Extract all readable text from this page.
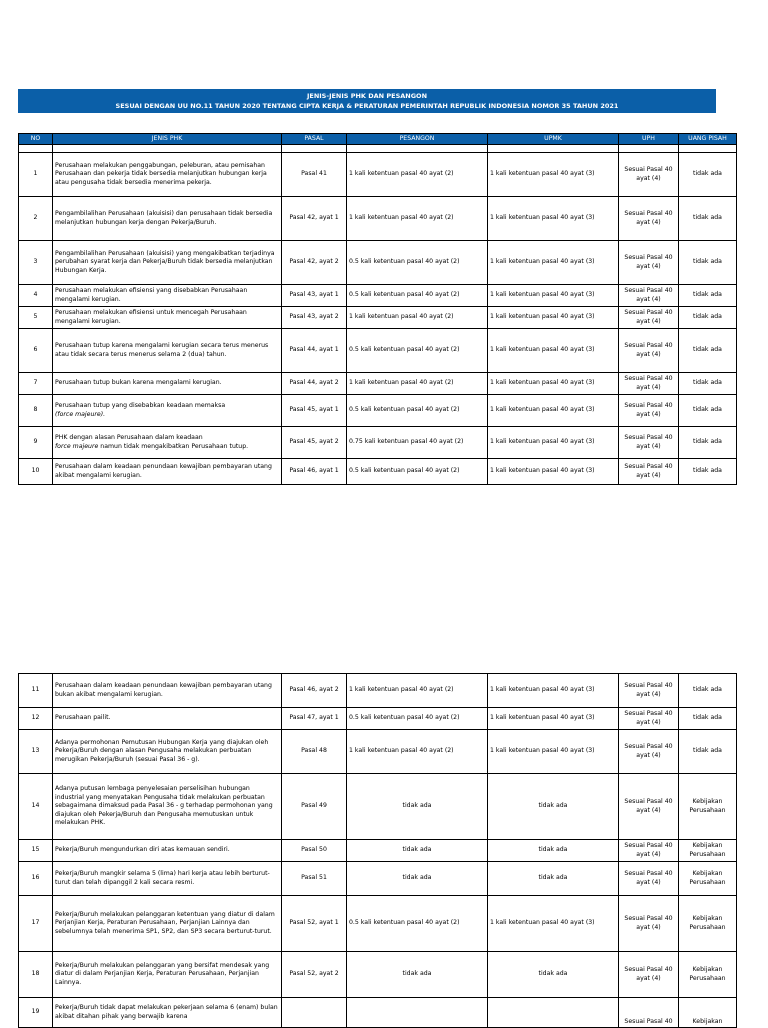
JENIS-JENIS PHK DAN PESANGON
SESUAI DENGAN UU NO.11 TAHUN 2020 TENTANG CIPTA KERJA & PERATURAN PEMERINTAH REPUBLIK INDONESIA NOMOR 35 TAHUN 2021
NO	JENIS PHK	PASAL	PESANGON	UPMK	UPH	UANG PISAH

1	Perusahaan melakukan penggabungan, peleburan, atau pemisahan Perusahaan dan pekerja tidak bersedia melanjutkan hubungan kerja atau pengusaha tidak bersedia menerima pekerja.	Pasal 41	1 kali ketentuan pasal 40 ayat (2)	1 kali ketentuan pasal 40 ayat (3)	Sesuai Pasal 40 ayat (4)	tidak ada
2	Pengambilalihan Perusahaan (akuisisi) dan perusahaan tidak bersedia melanjutkan hubungan kerja dengan Pekerja/Buruh.	Pasal 42, ayat 1	1 kali ketentuan pasal 40 ayat (2)	1 kali ketentuan pasal 40 ayat (3)	Sesuai Pasal 40 ayat (4)	tidak ada
3	Pengambilalihan Perusahaan (akuisisi) yang mengakibatkan terjadinya perubahan syarat kerja dan Pekerja/Buruh tidak bersedia melanjutkan Hubungan Kerja.	Pasal 42, ayat 2	0.5 kali ketentuan pasal 40 ayat (2)	1 kali ketentuan pasal 40 ayat (3)	Sesuai Pasal 40 ayat (4)	tidak ada
4	Perusahaan melakukan efisiensi yang disebabkan Perusahaan mengalami kerugian.	Pasal 43, ayat 1	0.5 kali ketentuan pasal 40 ayat (2)	1 kali ketentuan pasal 40 ayat (3)	Sesuai Pasal 40 ayat (4)	tidak ada
5	Perusahaan melakukan efisiensi untuk mencegah Perusahaan mengalami kerugian.	Pasal 43, ayat 2	1 kali ketentuan pasal 40 ayat (2)	1 kali ketentuan pasal 40 ayat (3)	Sesuai Pasal 40 ayat (4)	tidak ada
6	Perusahaan tutup karena mengalami kerugian secara terus menerus atau tidak secara terus menerus selama 2 (dua) tahun.	Pasal 44, ayat 1	0.5 kali ketentuan pasal 40 ayat (2)	1 kali ketentuan pasal 40 ayat (3)	Sesuai Pasal 40 ayat (4)	tidak ada
7	Perusahaan tutup bukan karena mengalami kerugian.	Pasal 44, ayat 2	1 kali ketentuan pasal 40 ayat (2)	1 kali ketentuan pasal 40 ayat (3)	Sesuai Pasal 40 ayat (4)	tidak ada
8	Perusahaan tutup yang disebabkan keadaan memaksa
(force majeure).	Pasal 45, ayat 1	0.5 kali ketentuan pasal 40 ayat (2)	1 kali ketentuan pasal 40 ayat (3)	Sesuai Pasal 40 ayat (4)	tidak ada
9	PHK dengan alasan Perusahaan dalam keadaan
force majeure namun tidak mengakibatkan Perusahaan tutup.	Pasal 45, ayat 2	0.75 kali ketentuan pasal 40 ayat (2)	1 kali ketentuan pasal 40 ayat (3)	Sesuai Pasal 40 ayat (4)	tidak ada
10	Perusahaan dalam keadaan penundaan kewajiban pembayaran utang akibat mengalami kerugian.	Pasal 46, ayat 1	0.5 kali ketentuan pasal 40 ayat (2)	1 kali ketentuan pasal 40 ayat (3)	Sesuai Pasal 40 ayat (4)	tidak ada
11	Perusahaan dalam keadaan penundaan kewajiban pembayaran utang bukan akibat mengalami kerugian.	Pasal 46, ayat 2	1 kali ketentuan pasal 40 ayat (2)	1 kali ketentuan pasal 40 ayat (3)	Sesuai Pasal 40 ayat (4)	tidak ada
12	Perusahaan pailit.	Pasal 47, ayat 1	0.5 kali ketentuan pasal 40 ayat (2)	1 kali ketentuan pasal 40 ayat (3)	Sesuai Pasal 40 ayat (4)	tidak ada
13	Adanya permohonan Pemutusan Hubungan Kerja yang diajukan oleh Pekerja/Buruh dengan alasan Pengusaha melakukan perbuatan merugikan Pekerja/Buruh (sesuai Pasal 36 - g).	Pasal 48	1 kali ketentuan pasal 40 ayat (2)	1 kali ketentuan pasal 40 ayat (3)	Sesuai Pasal 40 ayat (4)	tidak ada
14	Adanya putusan lembaga penyelesaian perselisihan hubungan industrial yang menyatakan Pengusaha tidak melakukan perbuatan sebagaimana dimaksud pada Pasal 36 - g terhadap permohonan yang diajukan oleh Pekerja/Buruh dan Pengusaha memutuskan untuk melakukan PHK.	Pasal 49	tidak ada	tidak ada	Sesuai Pasal 40 ayat (4)	Kebijakan Perusahaan
15	Pekerja/Buruh mengundurkan diri atas kemauan sendiri.	Pasal 50	tidak ada	tidak ada	Sesuai Pasal 40 ayat (4)	Kebijakan Perusahaan
16	Pekerja/Buruh mangkir selama 5 (lima) hari kerja atau lebih berturut-turut dan telah dipanggil 2 kali secara resmi.	Pasal 51	tidak ada	tidak ada	Sesuai Pasal 40 ayat (4)	Kebijakan Perusahaan
17	Pekerja/Buruh melakukan pelanggaran ketentuan yang diatur di dalam Perjanjian Kerja, Peraturan Perusahaan, Perjanjian Lainnya dan sebelumnya telah menerima SP1, SP2, dan SP3 secara berturut-turut.	Pasal 52, ayat 1	0.5 kali ketentuan pasal 40 ayat (2)	1 kali ketentuan pasal 40 ayat (3)	Sesuai Pasal 40 ayat (4)	Kebijakan Perusahaan
18	Pekerja/Buruh melakukan pelanggaran yang bersifat mendesak yang diatur di dalam Perjanjian Kerja, Peraturan Perusahaan, Perjanjian Lainnya.	Pasal 52, ayat 2	tidak ada	tidak ada	Sesuai Pasal 40 ayat (4)	Kebijakan Perusahaan
19	Pekerja/Buruh tidak dapat melakukan pekerjaan selama 6 (enam) bulan akibat ditahan pihak yang berwajib karena				Sesuai Pasal 40	Kebijakan
